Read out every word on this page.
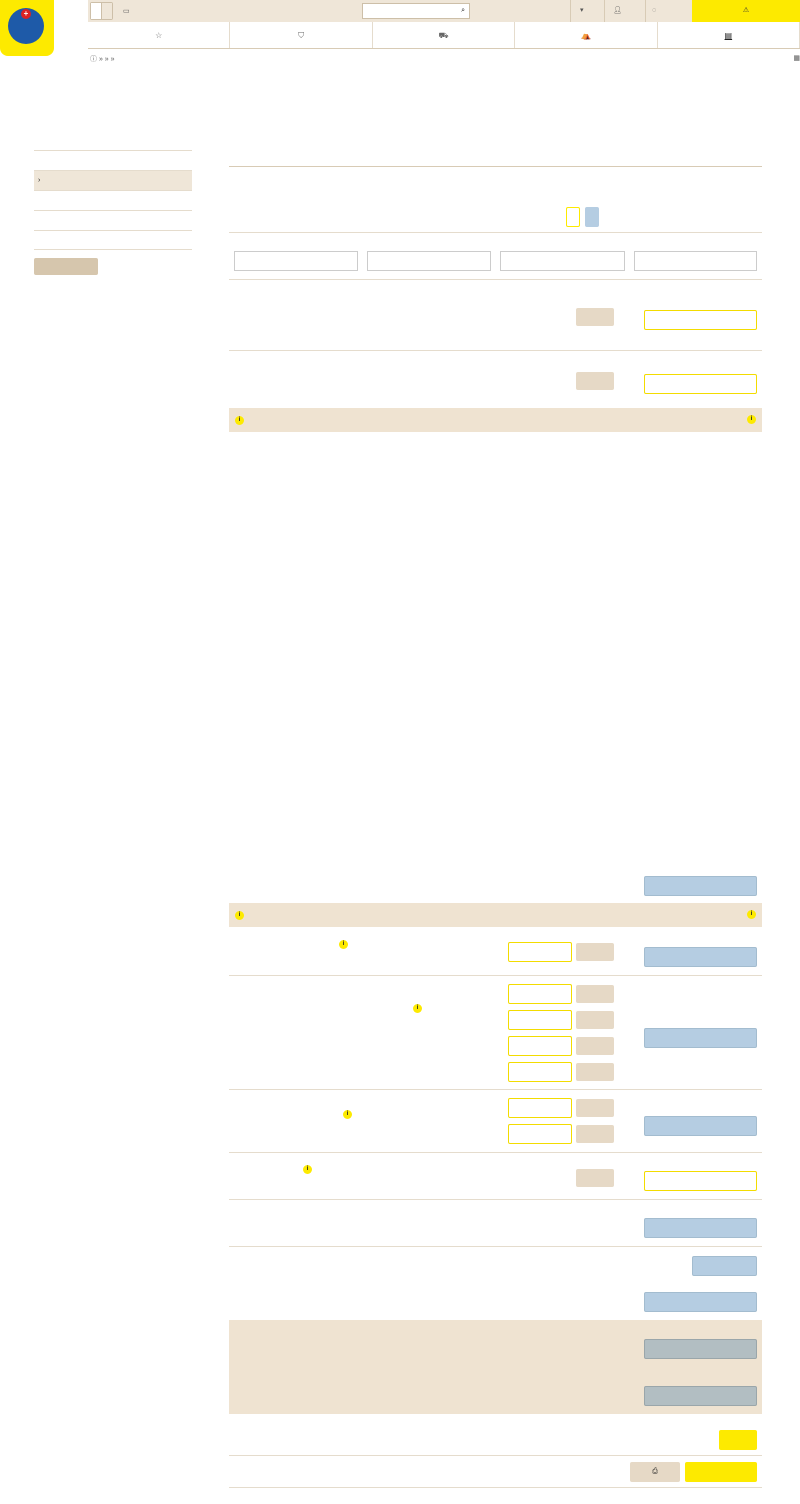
+	▭	⌕	▾	👤︎	◌	⚠
☆	⛉	⛟	⛺	▤
ⓘ » » »	▦
›

i	i
i	i
i

i
i
i
⎙
